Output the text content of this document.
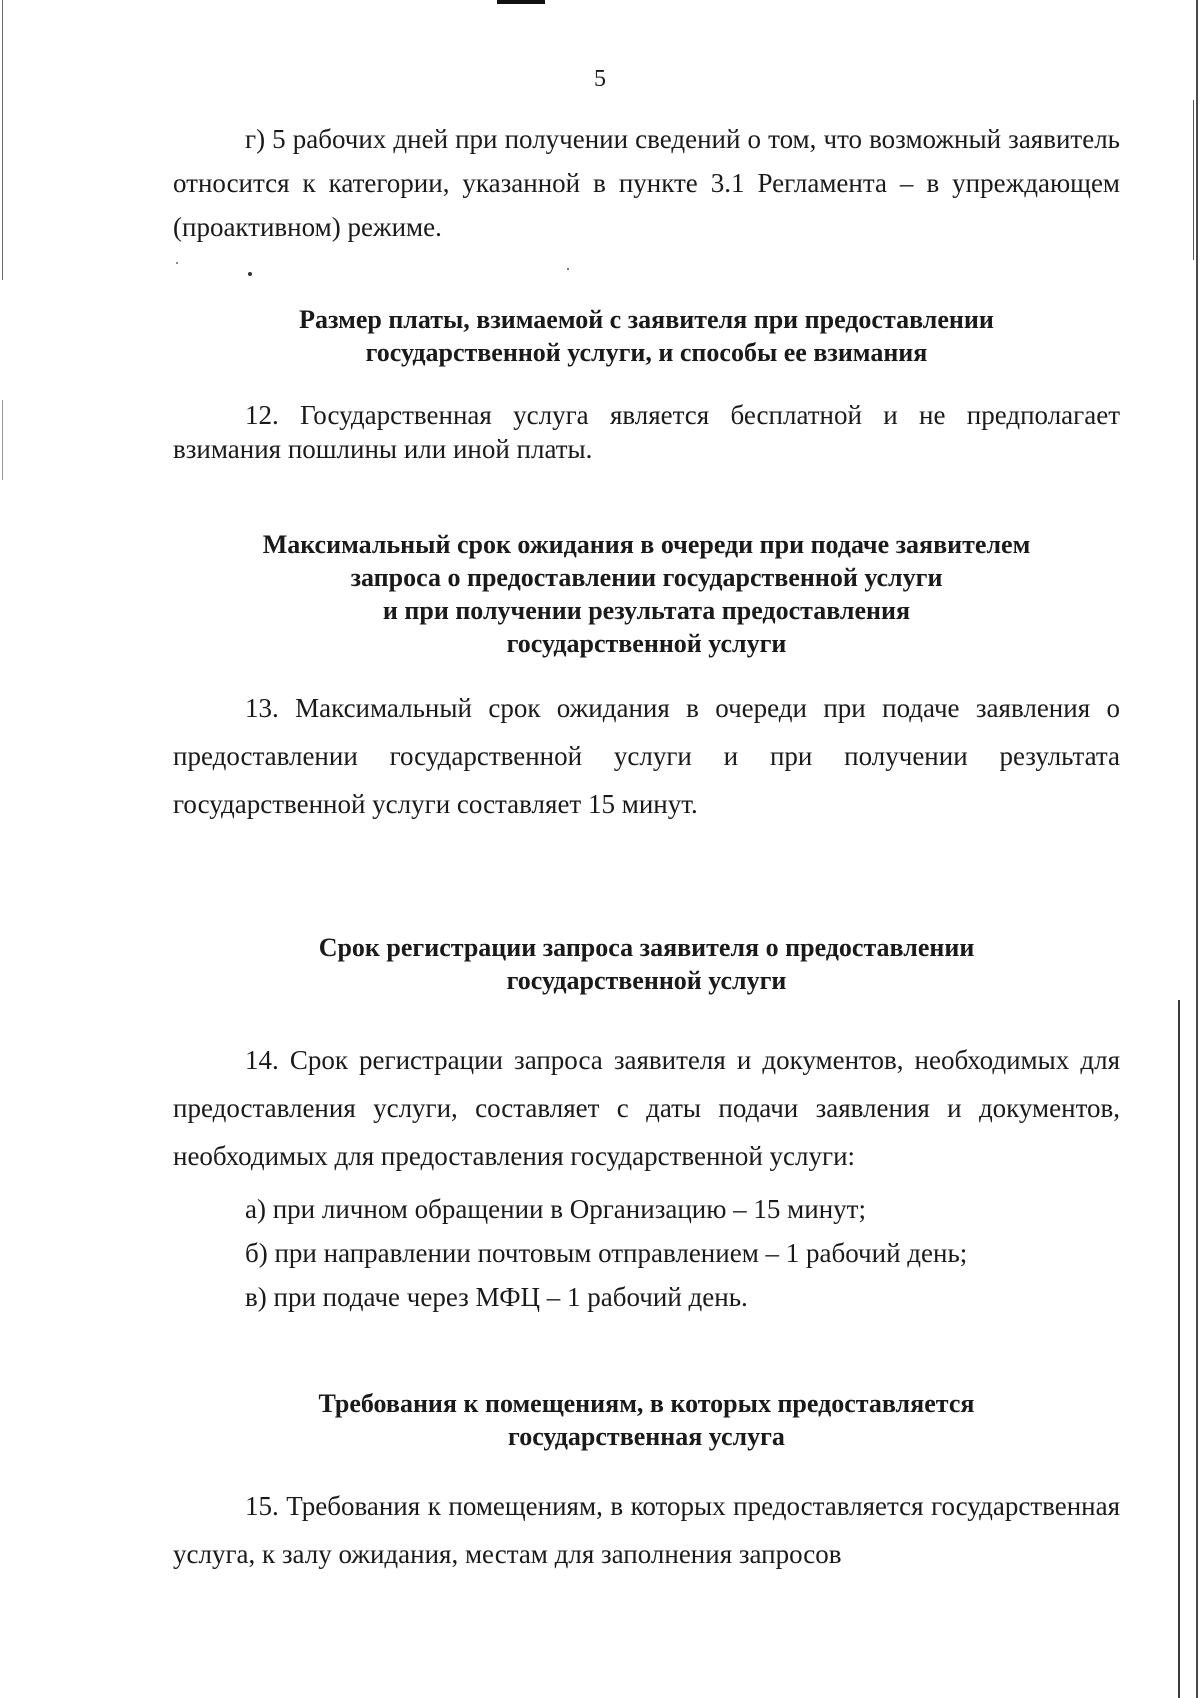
5

г) 5 рабочих дней при получении сведений о том, что возможный заявитель относится к категории, указанной в пункте 3.1 Регламента – в упреждающем (проактивном) режиме.

Размер платы, взимаемой с заявителя при предоставлении
государственной услуги, и способы ее взимания

12. Государственная услуга является бесплатной и не предполагает взимания пошлины или иной платы.

Максимальный срок ожидания в очереди при подаче заявителем
запроса о предоставлении государственной услуги
и при получении результата предоставления
государственной услуги

13. Максимальный срок ожидания в очереди при подаче заявления о предоставлении государственной услуги и при получении результата государственной услуги составляет 15 минут.

Срок регистрации запроса заявителя о предоставлении
государственной услуги

14. Срок регистрации запроса заявителя и документов, необходимых для предоставления услуги, составляет с даты подачи заявления и документов, необходимых для предоставления государственной услуги:

а) при личном обращении в Организацию – 15 минут;

б) при направлении почтовым отправлением – 1 рабочий день;

в) при подаче через МФЦ – 1 рабочий день.

Требования к помещениям, в которых предоставляется
государственная услуга

15. Требования к помещениям, в которых предоставляется государственная услуга, к залу ожидания, местам для заполнения запросов
